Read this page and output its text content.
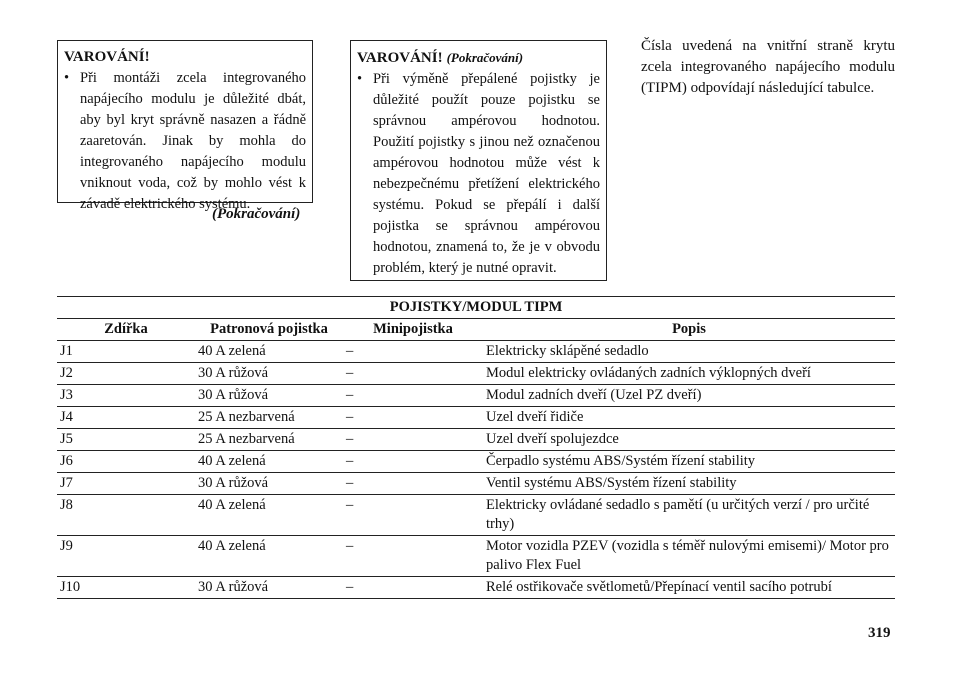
VAROVÁNÍ!
• Při montáži zcela integrovaného napájecího modulu je důležité dbát, aby byl kryt správně nasazen a řádně zaaretován. Jinak by mohla do integrovaného napájecího modulu vniknout voda, což by mohlo vést k závadě elektrického systému.
(Pokračování)
VAROVÁNÍ! (Pokračování)
• Při výměně přepálené pojistky je důležité použít pouze pojistku se správnou ampérovou hodnotou. Použití pojistky s jinou než označenou ampérovou hodnotou může vést k nebezpečnému přetížení elektrického systému. Pokud se přepálí i další pojistka se správnou ampérovou hodnotou, znamená to, že je v obvodu problém, který je nutné opravit.
Čísla uvedená na vnitřní straně krytu zcela integrovaného napájecího modulu (TIPM) odpovídají následující tabulce.
POJISTKY/MODUL TIPM			
Zdířka	Patronová pojistka	Minipojistka	Popis
J1	40 A zelená	–	Elektricky sklápěné sedadlo
J2	30 A růžová	–	Modul elektricky ovládaných zadních výklopných dveří
J3	30 A růžová	–	Modul zadních dveří (Uzel PZ dveří)
J4	25 A nezbarvená	–	Uzel dveří řidiče
J5	25 A nezbarvená	–	Uzel dveří spolujezdce
J6	40 A zelená	–	Čerpadlo systému ABS/Systém řízení stability
J7	30 A růžová	–	Ventil systému ABS/Systém řízení stability
J8	40 A zelená	–	Elektricky ovládané sedadlo s pamětí (u určitých verzí / pro určité trhy)
J9	40 A zelená	–	Motor vozidla PZEV (vozidla s téměř nulovými emisemi)/ Motor pro palivo Flex Fuel
J10	30 A růžová	–	Relé ostřikovače světlometů/Přepínací ventil sacího potrubí
319
